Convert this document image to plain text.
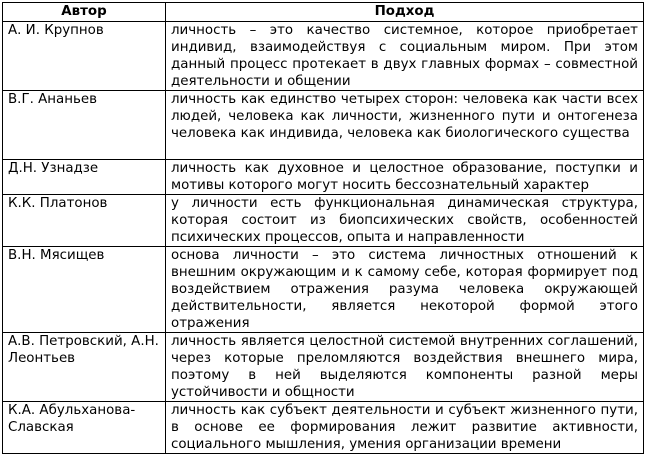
Автор	Подход
А. И. Крупнов	личность – это качество системное, которое приобретает индивид, взаимодействуя с социальным миром. При этом данный процесс протекает в двух главных формах – совместной деятельности и общении
В.Г. Ананьев	личность как единство четырех сторон: человека как части всех людей, человека как личности, жизненного пути и онтогенеза человека как индивида, человека как биологического существа
Д.Н. Узнадзе	личность как духовное и целостное образование, поступки и мотивы которого могут носить бессознательный характер
К.К. Платонов	у личности есть функциональная динамическая структура, которая состоит из биопсихических свойств, особенностей психических процессов, опыта и направленности
В.Н. Мясищев	основа личности – это система личностных отношений к внешним окружающим и к самому себе, которая формирует под воздействием отражения разума человека окружающей действительности, является некоторой формой этого отражения
А.В. Петровский, А.Н. Леонтьев	личность является целостной системой внутренних соглашений, через которые преломляются воздействия внешнего мира, поэтому в ней выделяются компоненты разной меры устойчивости и общности
К.А. Абульханова-Славская	личность как субъект деятельности и субъект жизненного пути, в основе ее формирования лежит развитие активности, социального мышления, умения организации времени
